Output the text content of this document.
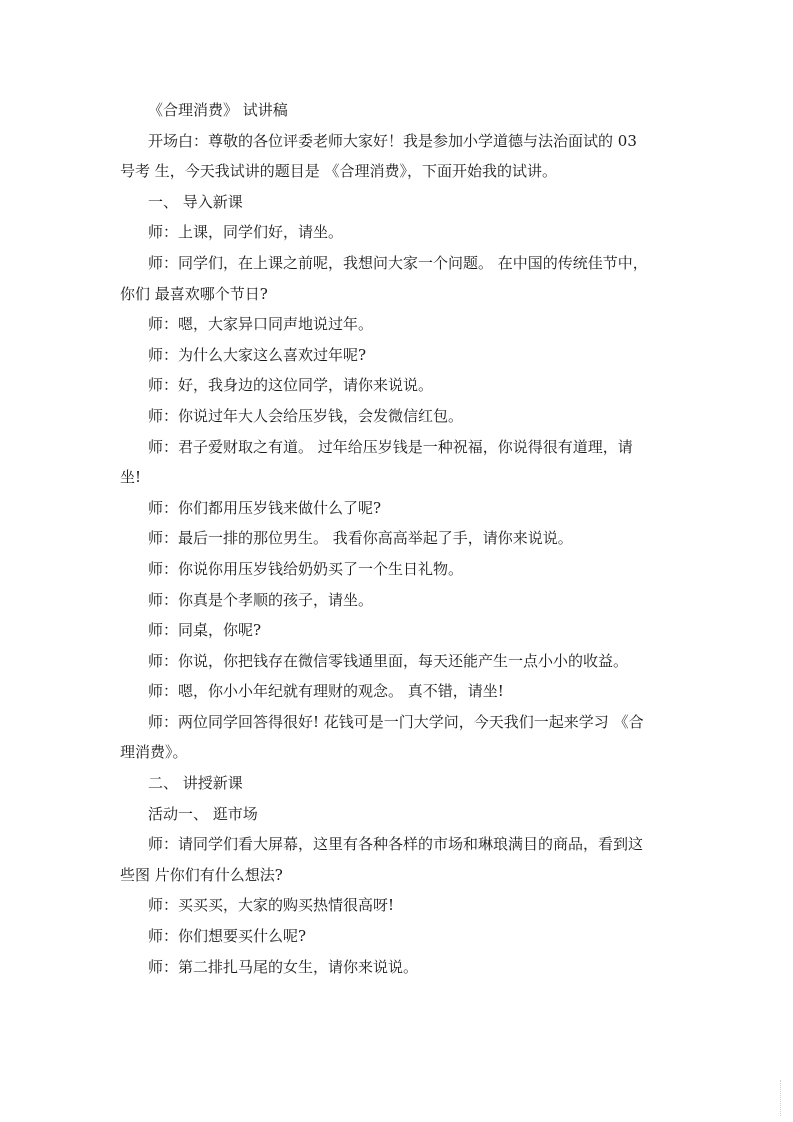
《合理消费》 试讲稿
开场白：尊敬的各位评委老师大家好！我是参加小学道德与法治面试的 03
号考 生，今天我试讲的题目是 《合理消费》，下面开始我的试讲。
一、 导入新课
师：上课，同学们好，请坐。
师：同学们，在上课之前呢，我想问大家一个问题。 在中国的传统佳节中，
你们 最喜欢哪个节日?
师：嗯，大家异口同声地说过年。
师：为什么大家这么喜欢过年呢?
师：好，我身边的这位同学，请你来说说。
师：你说过年大人会给压岁钱，会发微信红包。
师：君子爱财取之有道。 过年给压岁钱是一种祝福，你说得很有道理，请
坐!
师：你们都用压岁钱来做什么了呢?
师：最后一排的那位男生。 我看你高高举起了手，请你来说说。
师：你说你用压岁钱给奶奶买了一个生日礼物。
师：你真是个孝顺的孩子，请坐。
师：同桌，你呢?
师：你说，你把钱存在微信零钱通里面，每天还能产生一点小小的收益。
师：嗯，你小小年纪就有理财的观念。 真不错，请坐!
师：两位同学回答得很好! 花钱可是一门大学问，今天我们一起来学习 《合
理消费》。
二、 讲授新课
活动一、 逛市场
师：请同学们看大屏幕，这里有各种各样的市场和琳琅满目的商品，看到这
些图 片你们有什么想法?
师：买买买，大家的购买热情很高呀!
师：你们想要买什么呢?
师：第二排扎马尾的女生，请你来说说。
